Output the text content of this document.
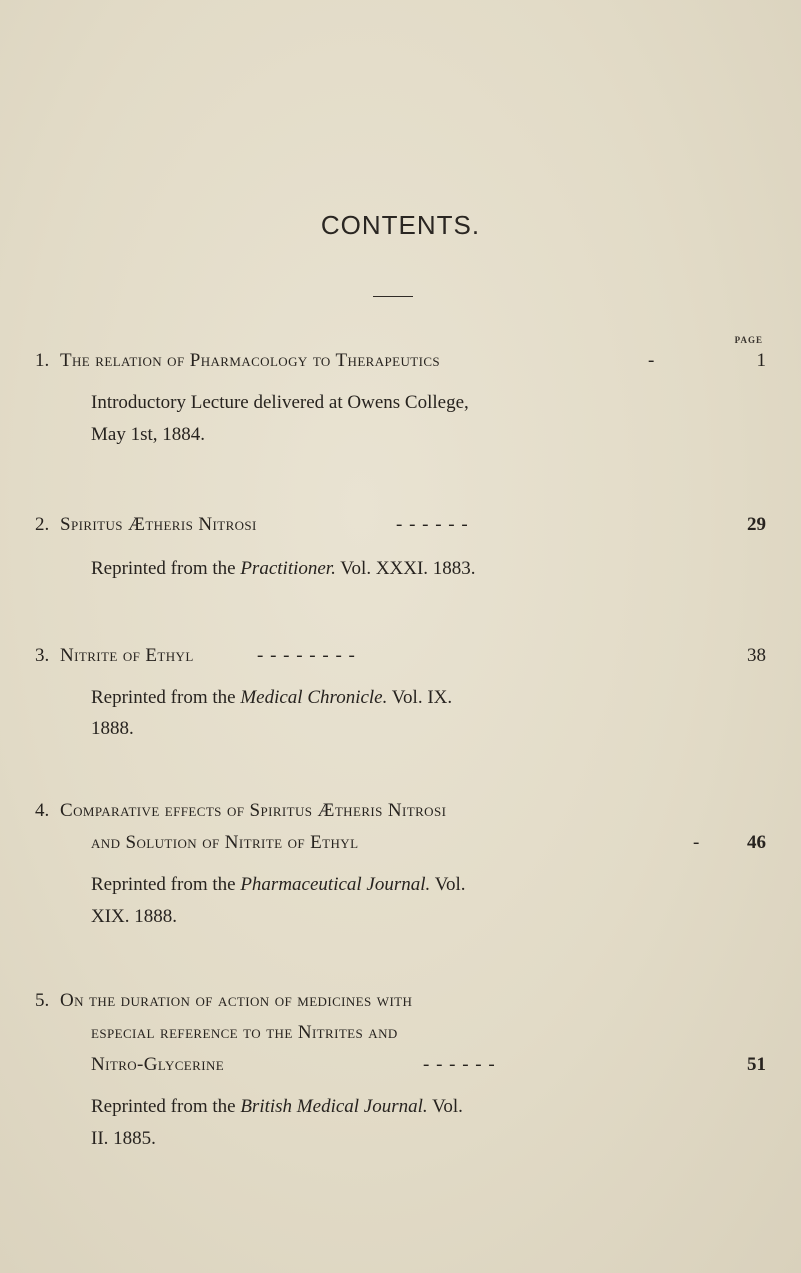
CONTENTS.
PAGE
1. The relation of Pharmacology to Therapeutics	-	1
Introductory Lecture delivered at Owens College,
May 1st, 1884.
2. Spiritus Ætheris Nitrosi	- - - - - -	29
Reprinted from the Practitioner. Vol. XXXI. 1883.
3. Nitrite of Ethyl	- - - - - - - -	38
Reprinted from the Medical Chronicle. Vol. IX.
1888.
4. Comparative effects of Spiritus Ætheris Nitrosi
and Solution of Nitrite of Ethyl	- 46
Reprinted from the Pharmaceutical Journal. Vol.
XIX. 1888.
5. On the duration of action of medicines with
especial reference to the Nitrites and
Nitro-Glycerine	- - - - - -	51
Reprinted from the British Medical Journal. Vol.
II. 1885.
